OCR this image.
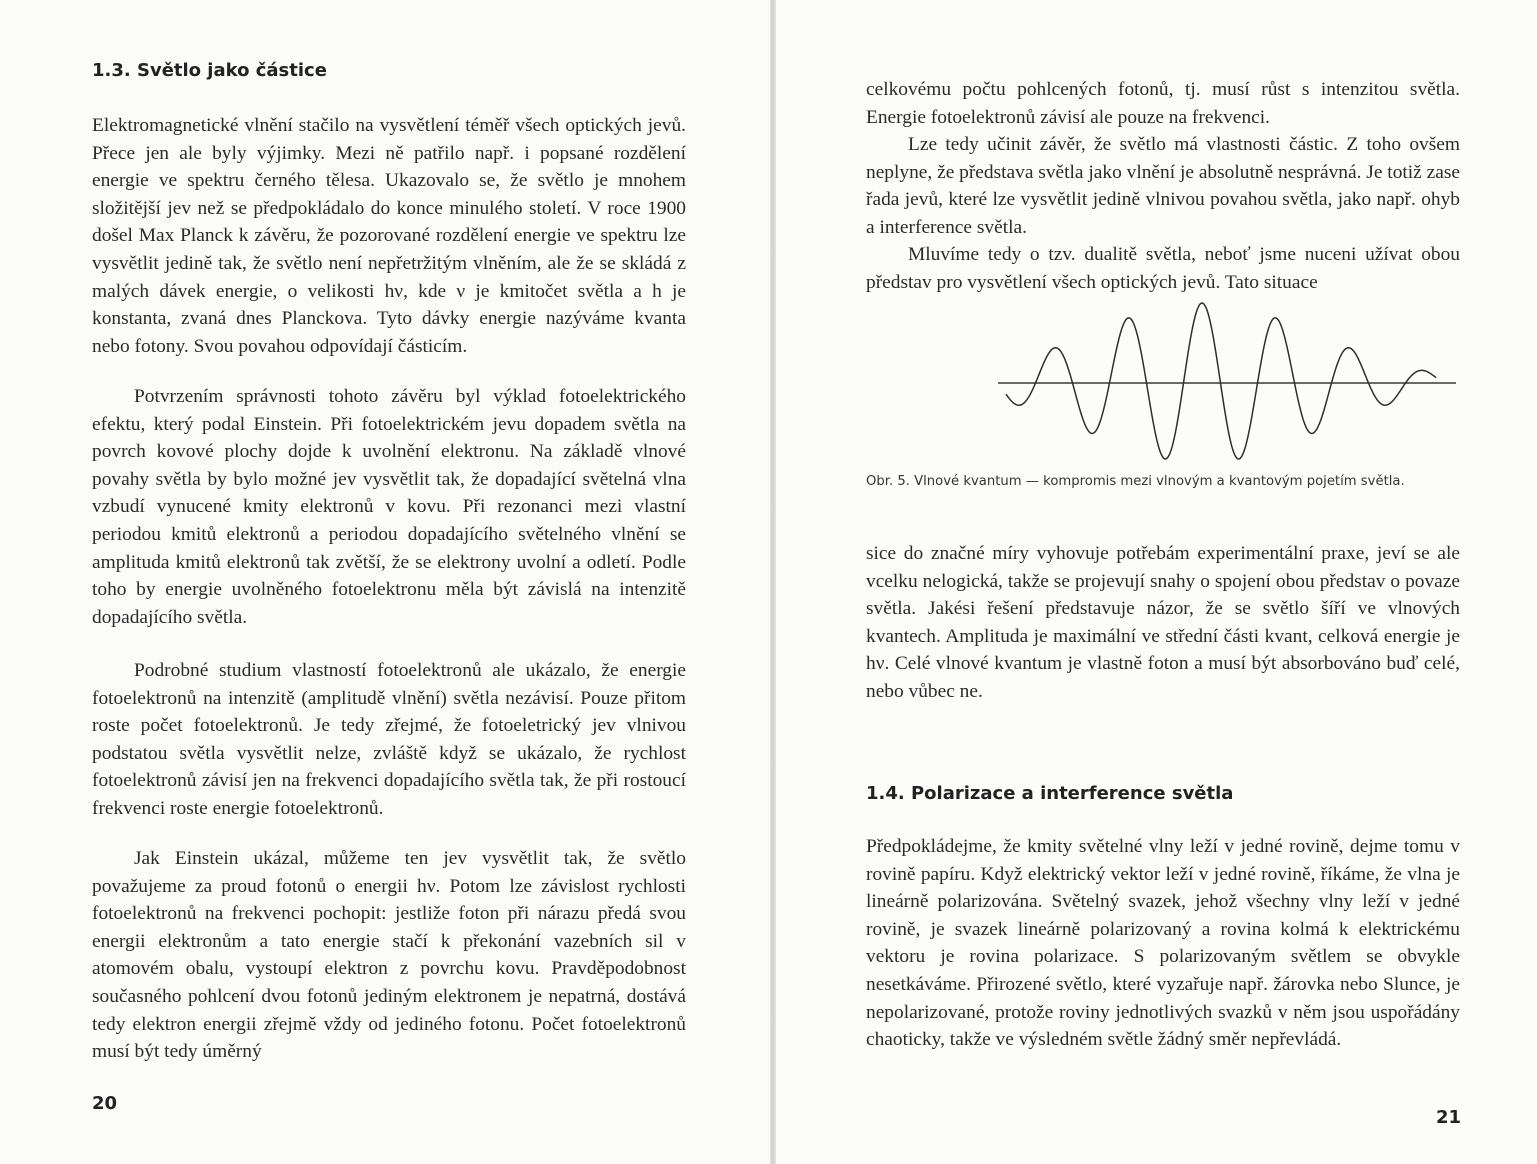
1.3. Světlo jako částice

Elektromagnetické vlnění stačilo na vysvětlení téměř všech optických jevů. Přece jen ale byly výjimky. Mezi ně patřilo např. i popsané rozdělení energie ve spektru černého tělesa. Ukazovalo se, že světlo je mnohem složitější jev než se předpokládalo do konce minulého století. V roce 1900 došel Max Planck k závěru, že pozorované rozdělení energie ve spektru lze vysvětlit jedině tak, že světlo není nepřetržitým vlněním, ale že se skládá z malých dávek energie, o velikosti hν, kde ν je kmitočet světla a h je konstanta, zvaná dnes Planckova. Tyto dávky energie nazýváme kvanta nebo fotony. Svou povahou odpovídají částicím.

Potvrzením správnosti tohoto závěru byl výklad fotoelektrického efektu, který podal Einstein. Při fotoelektrickém jevu dopadem světla na povrch kovové plochy dojde k uvolnění elektronu. Na základě vlnové povahy světla by bylo možné jev vysvětlit tak, že dopadající světelná vlna vzbudí vynucené kmity elektronů v kovu. Při rezonanci mezi vlastní periodou kmitů elektronů a periodou dopadajícího světelného vlnění se amplituda kmitů elektronů tak zvětší, že se elektrony uvolní a odletí. Podle toho by energie uvolněného fotoelektronu měla být závislá na intenzitě dopadajícího světla.

Podrobné studium vlastností fotoelektronů ale ukázalo, že energie fotoelektronů na intenzitě (amplitudě vlnění) světla nezávisí. Pouze přitom roste počet fotoelektronů. Je tedy zřejmé, že fotoeletrický jev vlnivou podstatou světla vysvětlit nelze, zvláště když se ukázalo, že rychlost fotoelektronů závisí jen na frekvenci dopadajícího světla tak, že při rostoucí frekvenci roste energie fotoelektronů.

Jak Einstein ukázal, můžeme ten jev vysvětlit tak, že světlo považujeme za proud fotonů o energii hν. Potom lze závislost rychlosti fotoelektronů na frekvenci pochopit: jestliže foton při nárazu předá svou energii elektronům a tato energie stačí k překonání vazebních sil v atomovém obalu, vystoupí elektron z povrchu kovu. Pravděpodobnost současného pohlcení dvou fotonů jediným elektronem je nepatrná, dostává tedy elektron energii zřejmě vždy od jediného fotonu. Počet fotoelektronů musí být tedy úměrný

20

celkovému počtu pohlcených fotonů, tj. musí růst s intenzitou světla. Energie fotoelektronů závisí ale pouze na frekvenci.

Lze tedy učinit závěr, že světlo má vlastnosti částic. Z toho ovšem neplyne, že představa světla jako vlnění je absolutně nesprávná. Je totiž zase řada jevů, které lze vysvětlit jedině vlnivou povahou světla, jako např. ohyb a interference světla.

Mluvíme tedy o tzv. dualitě světla, neboť jsme nuceni užívat obou představ pro vysvětlení všech optických jevů. Tato situace

Obr. 5. Vlnové kvantum — kompromis mezi vlnovým a kvantovým pojetím světla.

sice do značné míry vyhovuje potřebám experimentální praxe, jeví se ale vcelku nelogická, takže se projevují snahy o spojení obou představ o povaze světla. Jakési řešení představuje názor, že se světlo šíří ve vlnových kvantech. Amplituda je maximální ve střední části kvant, celková energie je hν. Celé vlnové kvantum je vlastně foton a musí být absorbováno buď celé, nebo vůbec ne.

1.4. Polarizace a interference světla

Předpokládejme, že kmity světelné vlny leží v jedné rovině, dejme tomu v rovině papíru. Když elektrický vektor leží v jedné rovině, říkáme, že vlna je lineárně polarizována. Světelný svazek, jehož všechny vlny leží v jedné rovině, je svazek lineárně polarizovaný a rovina kolmá k elektrickému vektoru je rovina polarizace. S polarizovaným světlem se obvykle nesetkáváme. Přirozené světlo, které vyzařuje např. žárovka nebo Slunce, je nepolarizované, protože roviny jednotlivých svazků v něm jsou uspořádány chaoticky, takže ve výsledném světle žádný směr nepřevládá.

21
